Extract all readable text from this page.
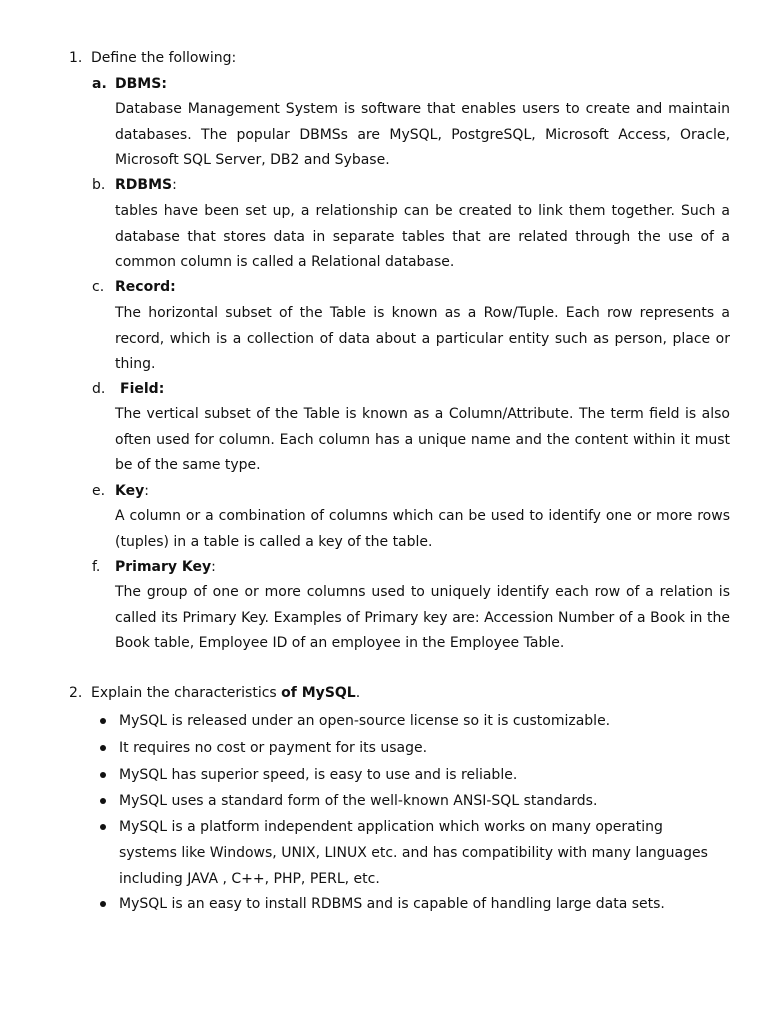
1. Define the following:
a. DBMS:
Database Management System is software that enables users to create and maintain databases. The popular DBMSs are MySQL, PostgreSQL, Microsoft Access, Oracle, Microsoft SQL Server, DB2 and Sybase.
b. RDBMS:
tables have been set up, a relationship can be created to link them together. Such a database that stores data in separate tables that are related through the use of a common column is called a Relational database.
c. Record:
The horizontal subset of the Table is known as a Row/Tuple. Each row represents a record, which is a collection of data about a particular entity such as person, place or thing.
d. Field:
The vertical subset of the Table is known as a Column/Attribute. The term field is also often used for column. Each column has a unique name and the content within it must be of the same type.
e. Key:
A column or a combination of columns which can be used to identify one or more rows (tuples) in a table is called a key of the table.
f. Primary Key:
The group of one or more columns used to uniquely identify each row of a relation is called its Primary Key. Examples of Primary key are: Accession Number of a Book in the Book table, Employee ID of an employee in the Employee Table.
2. Explain the characteristics of MySQL.
MySQL is released under an open-source license so it is customizable.
It requires no cost or payment for its usage.
MySQL has superior speed, is easy to use and is reliable.
MySQL uses a standard form of the well-known ANSI-SQL standards.
MySQL is a platform independent application which works on many operating systems like Windows, UNIX, LINUX etc. and has compatibility with many languages including JAVA , C++, PHP, PERL, etc.
MySQL is an easy to install RDBMS and is capable of handling large data sets.
